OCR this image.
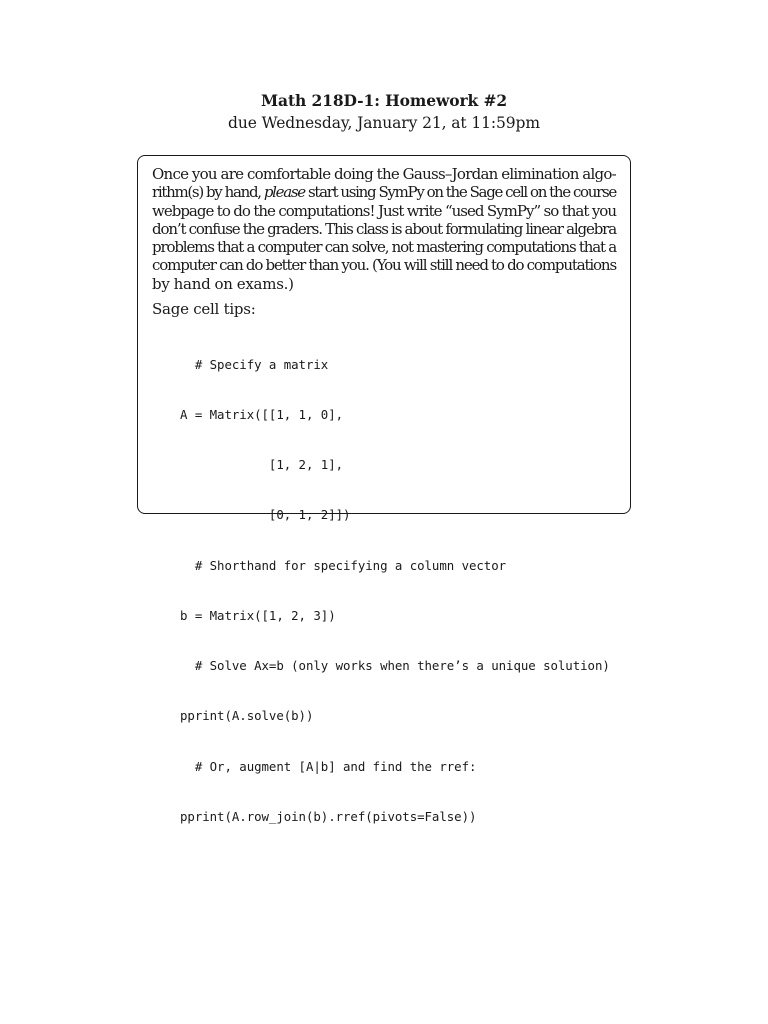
Math 218D-1: Homework #2
due Wednesday, January 21, at 11:59pm

Once you are comfortable doing the Gauss–Jordan elimination algo-
rithm(s) by hand, please start using SymPy on the Sage cell on the course
webpage to do the computations! Just write “used SymPy” so that you
don’t confuse the graders. This class is about formulating linear algebra
problems that a computer can solve, not mastering computations that a
computer can do better than you. (You will still need to do computations
by hand on exams.)

Sage cell tips:

# Specify a matrix

A = Matrix([[1, 1, 0],

[1, 2, 1],

[0, 1, 2]])

# Shorthand for specifying a column vector

b = Matrix([1, 2, 3])

# Solve Ax=b (only works when there’s a unique solution)

pprint(A.solve(b))

# Or, augment [A|b] and find the rref:

pprint(A.row_join(b).rref(pivots=False))
